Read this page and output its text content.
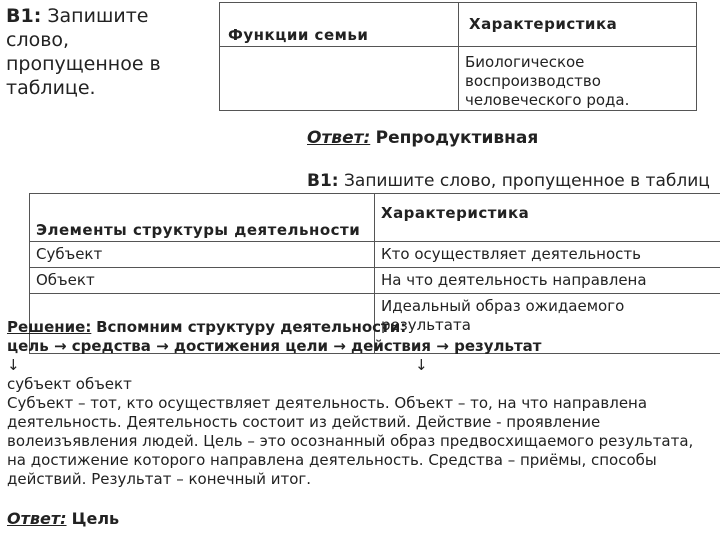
В1: Запишите слово, пропущенное в таблице.
Функции семьи	Характеристика

	Биологическое воспроизводство человеческого рода.
Ответ: Репродуктивная
В1: Запишите слово, пропущенное в таблиц
Элементы структуры деятельности	Характеристика

Субъект	Кто осуществляет деятельность

Объект	На что деятельность направлена

	Идеальный образ ожидаемого результата
Решение: Вспомним структуру деятельности:
цель → средства → достижения цели → действия → результат
↓	↓
субъект объект
Субъект – тот, кто осуществляет деятельность. Объект – то, на что направлена деятельность. Деятельность состоит из действий. Действие - проявление волеизъявления людей. Цель – это осознанный образ предвосхищаемого результата, на достижение которого направлена деятельность. Средства – приёмы, способы действий. Результат – конечный итог.
Ответ: Цель
